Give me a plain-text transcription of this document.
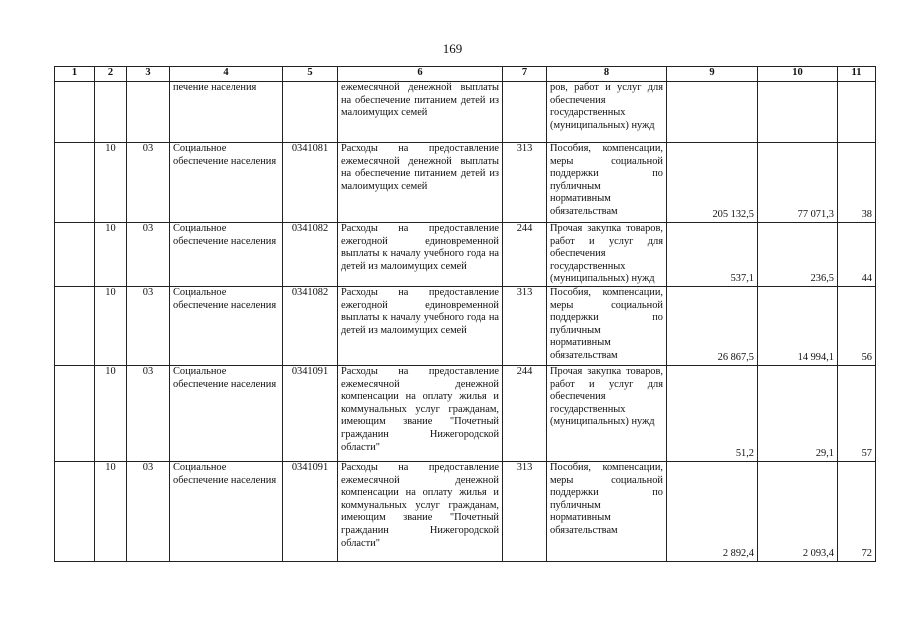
169
1	2	3	4	5	6	7	8	9	10	11
			печение населения		ежемесячной денежной выплаты на обеспечение питанием детей из малоимущих семей		ров, работ и услуг для обеспечения государственных (муниципальных) нужд			
	10	03	Социальное обеспечение населения	0341081	Расходы на предоставление ежемесячной денежной выплаты на обеспечение питанием детей из малоимущих семей	313	Пособия, компенсации, меры социальной поддержки по публичным нормативным обязательствам	205 132,5	77 071,3	38
	10	03	Социальное обеспечение населения	0341082	Расходы на предоставление ежегодной единовременной выплаты к началу учебного года на детей из малоимущих семей	244	Прочая закупка товаров, работ и услуг для обеспечения государственных (муниципальных) нужд	537,1	236,5	44
	10	03	Социальное обеспечение населения	0341082	Расходы на предоставление ежегодной единовременной выплаты к началу учебного года на детей из малоимущих семей	313	Пособия, компенсации, меры социальной поддержки по публичным нормативным обязательствам	26 867,5	14 994,1	56
	10	03	Социальное обеспечение населения	0341091	Расходы на предоставление ежемесячной денежной компенсации на оплату жилья и коммунальных услуг гражданам, имеющим звание "Почетный гражданин Нижегородской области"	244	Прочая закупка товаров, работ и услуг для обеспечения государственных (муниципальных) нужд	51,2	29,1	57
	10	03	Социальное обеспечение населения	0341091	Расходы на предоставление ежемесячной денежной компенсации на оплату жилья и коммунальных услуг гражданам, имеющим звание "Почетный гражданин Нижегородской области"	313	Пособия, компенсации, меры социальной поддержки по публичным нормативным обязательствам	2 892,4	2 093,4	72
